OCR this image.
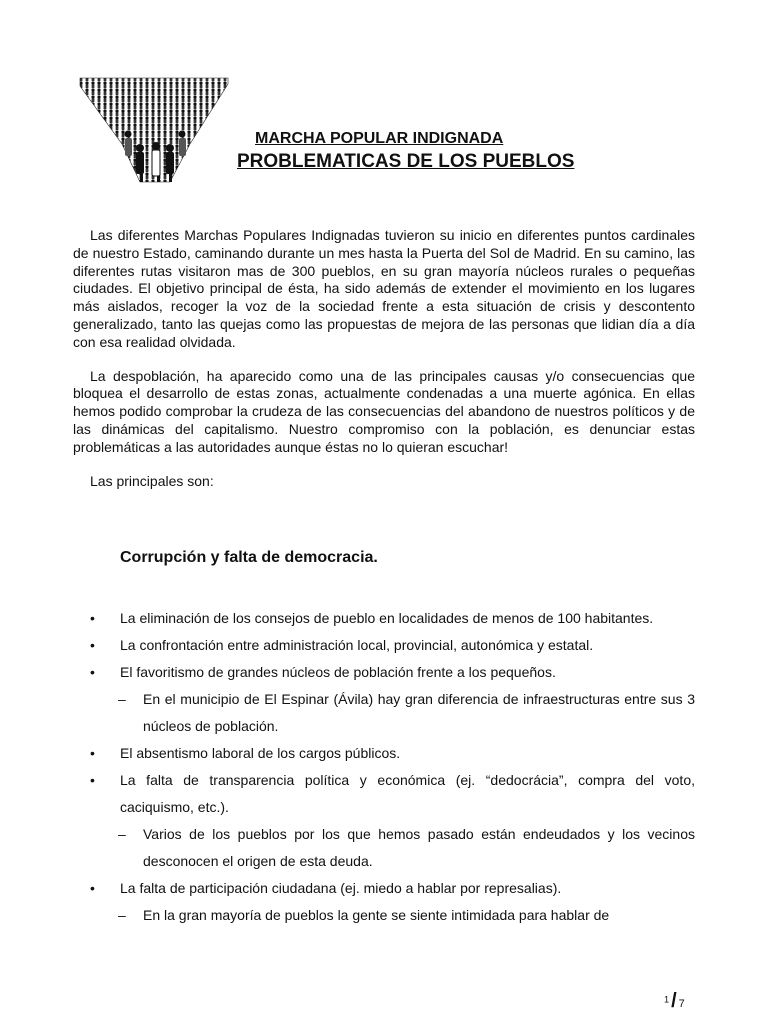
MARCHA POPULAR INDIGNADA
PROBLEMATICAS DE LOS PUEBLOS

Las diferentes Marchas Populares Indignadas tuvieron su inicio en diferentes puntos cardinales de nuestro Estado, caminando durante un mes hasta la Puerta del Sol de Madrid. En su camino, las diferentes rutas visitaron mas de 300 pueblos, en su gran mayoría núcleos rurales o pequeñas ciudades. El objetivo principal de ésta, ha sido además de extender el movimiento en los lugares más aislados, recoger la voz de la sociedad frente a esta situación de crisis y descontento generalizado, tanto las quejas como las propuestas de mejora de las personas que lidian día a día con esa realidad olvidada.

La despoblación, ha aparecido como una de las principales causas y/o consecuencias que bloquea el desarrollo de estas zonas, actualmente condenadas a una muerte agónica. En ellas hemos podido comprobar la crudeza de las consecuencias del abandono de nuestros políticos y de las dinámicas del capitalismo. Nuestro compromiso con la población, es denunciar estas problemáticas a las autoridades aunque éstas no lo quieran escuchar!

Las principales son:

Corrupción y falta de democracia.
• La eliminación de los consejos de pueblo en localidades de menos de 100 habitantes.
• La confrontación entre administración local, provincial, autonómica y estatal.
• El favoritismo de grandes núcleos de población frente a los pequeños.
– En el municipio de El Espinar (Ávila) hay gran diferencia de infraestructuras entre sus 3 núcleos de población.
• El absentismo laboral de los cargos públicos.
• La falta de transparencia política y económica (ej. “dedocrácia”, compra del voto, caciquismo, etc.).
– Varios de los pueblos por los que hemos pasado están endeudados y los vecinos desconocen el origen de esta deuda.
• La falta de participación ciudadana (ej. miedo a hablar por represalias).
– En la gran mayoría de pueblos la gente se siente intimidada para hablar de
$^1$ / 7
